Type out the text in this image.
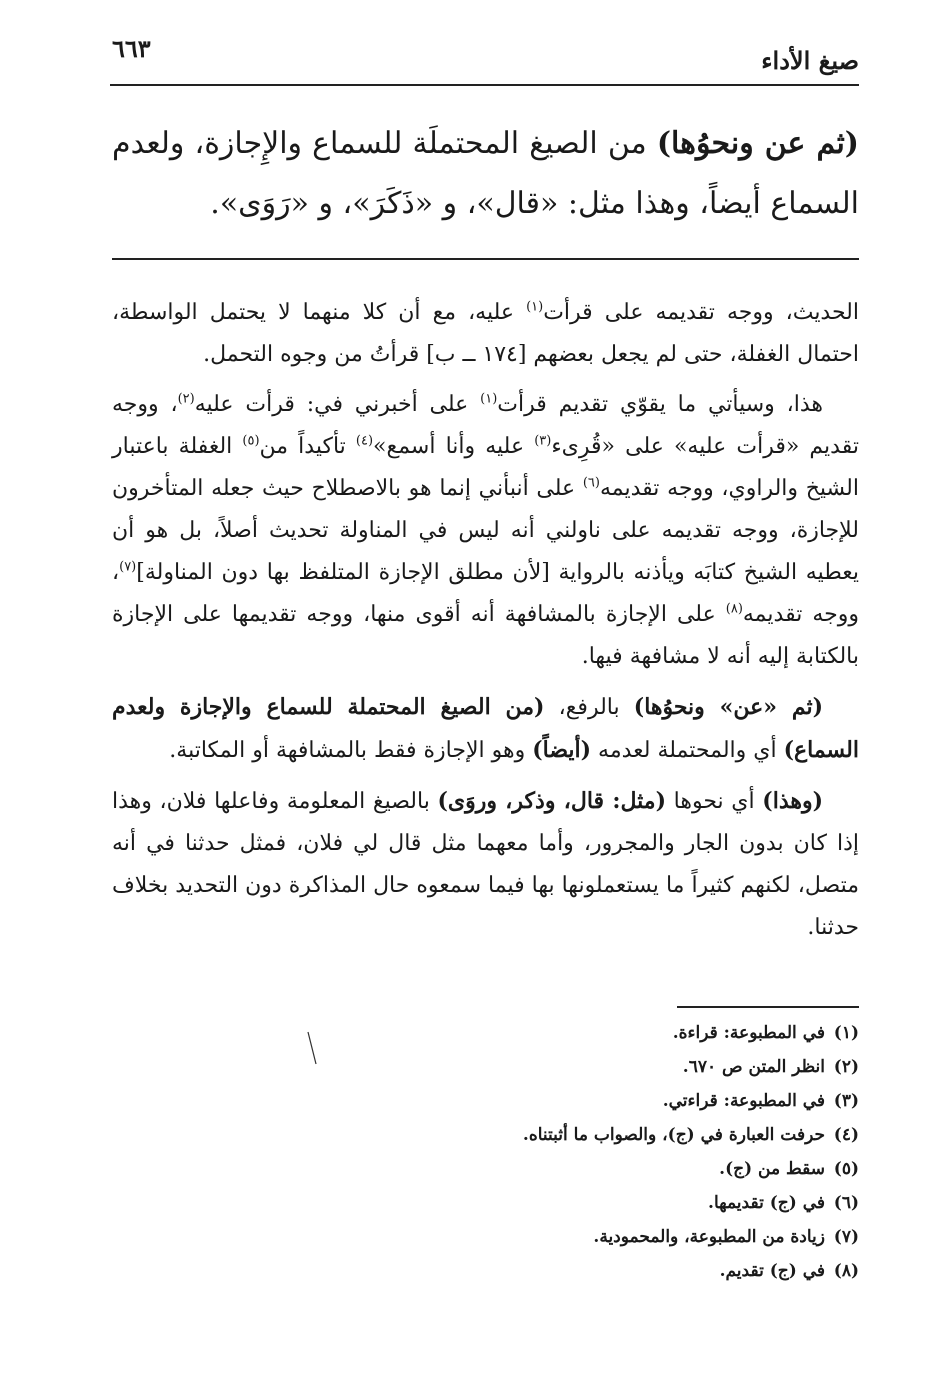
صيغ الأداء
٦٦٣
(ثم عن ونحوُها) من الصيغ المحتملَة للسماع والإِجازة، ولعدم السماع أيضاً، وهذا مثل: «قال»، و «ذَكَرَ»، و «رَوَى».

الحديث، ووجه تقديمه على قرأت$^{(١)}$ عليه، مع أن كلا منهما لا يحتمل الواسطة، احتمال الغفلة، حتى لم يجعل بعضهم [١٧٤ ــ ب] قرأتُ من وجوه التحمل.

هذا، وسيأتي ما يقوّي تقديم قرأت$^{(١)}$ على أخبرني في: قرأت عليه$^{(٢)}$، ووجه تقديم «قرأت عليه» على «قُرِىء$^{(٣)}$ عليه وأنا أسمع»$^{(٤)}$ تأكيداً من$^{(٥)}$ الغفلة باعتبار الشيخ والراوي، ووجه تقديمه$^{(٦)}$ على أنبأني إنما هو بالاصطلاح حيث جعله المتأخرون للإجازة، ووجه تقديمه على ناولني أنه ليس في المناولة تحديث أصلاً، بل هو أن يعطيه الشيخ كتابَه ويأذنه بالرواية [لأن مطلق الإجازة المتلفظ بها دون المناولة]$^{(٧)}$، ووجه تقديمه$^{(٨)}$ على الإجازة بالمشافهة أنه أقوى منها، ووجه تقديمها على الإجازة بالكتابة إليه أنه لا مشافهة فيها.

(ثم «عن» ونحوُها) بالرفع، (من الصيغ المحتملة للسماع والإجازة ولعدم السماع) أي والمحتملة لعدمه (أيضاً) وهو الإجازة فقط بالمشافهة أو المكاتبة.

(وهذا) أي نحوها (مثل: قال، وذكر، وروَى) بالصيغ المعلومة وفاعلها فلان، وهذا إذا كان بدون الجار والمجرور، وأما معهما مثل قال لي فلان، فمثل حدثنا في أنه متصل، لكنهم كثيراً ما يستعملونها بها فيما سمعوه حال المذاكرة دون التحديد بخلاف حدثنا.

(١)
في المطبوعة: قراءة.
(٢)
انظر المتن ص ٦٧٠.
(٣)
في المطبوعة: قراءتي.
(٤)
حرفت العبارة في (ج)، والصواب ما أثبتناه.
(٥)
سقط من (ج).
(٦)
في (ج) تقديمها.
(٧)
زيادة من المطبوعة، والمحمودية.
(٨)
في (ج) تقديم.
